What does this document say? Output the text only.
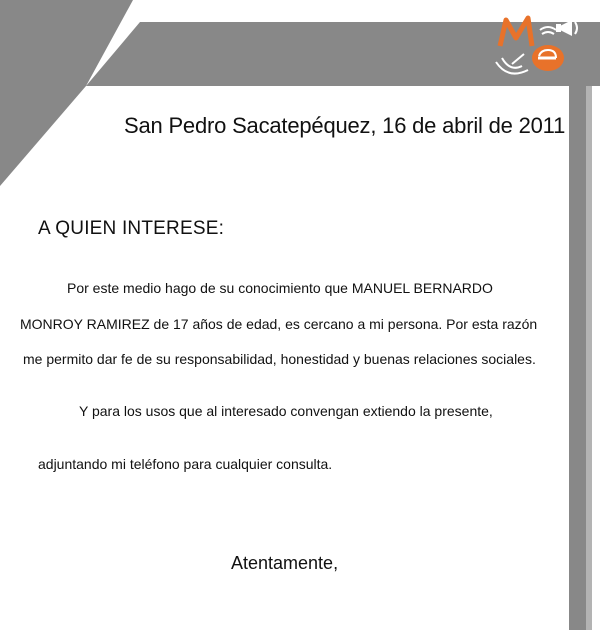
San Pedro Sacatepéquez, 16 de abril de 2011

A QUIEN INTERESE:

Por este medio hago de su conocimiento que MANUEL BERNARDO

MONROY RAMIREZ de 17 años de edad, es cercano a mi persona. Por esta razón

me permito dar fe de su responsabilidad, honestidad y buenas relaciones sociales.

Y para los usos que al interesado convengan extiendo la presente,

adjuntando mi teléfono para cualquier consulta.

Atentamente,
